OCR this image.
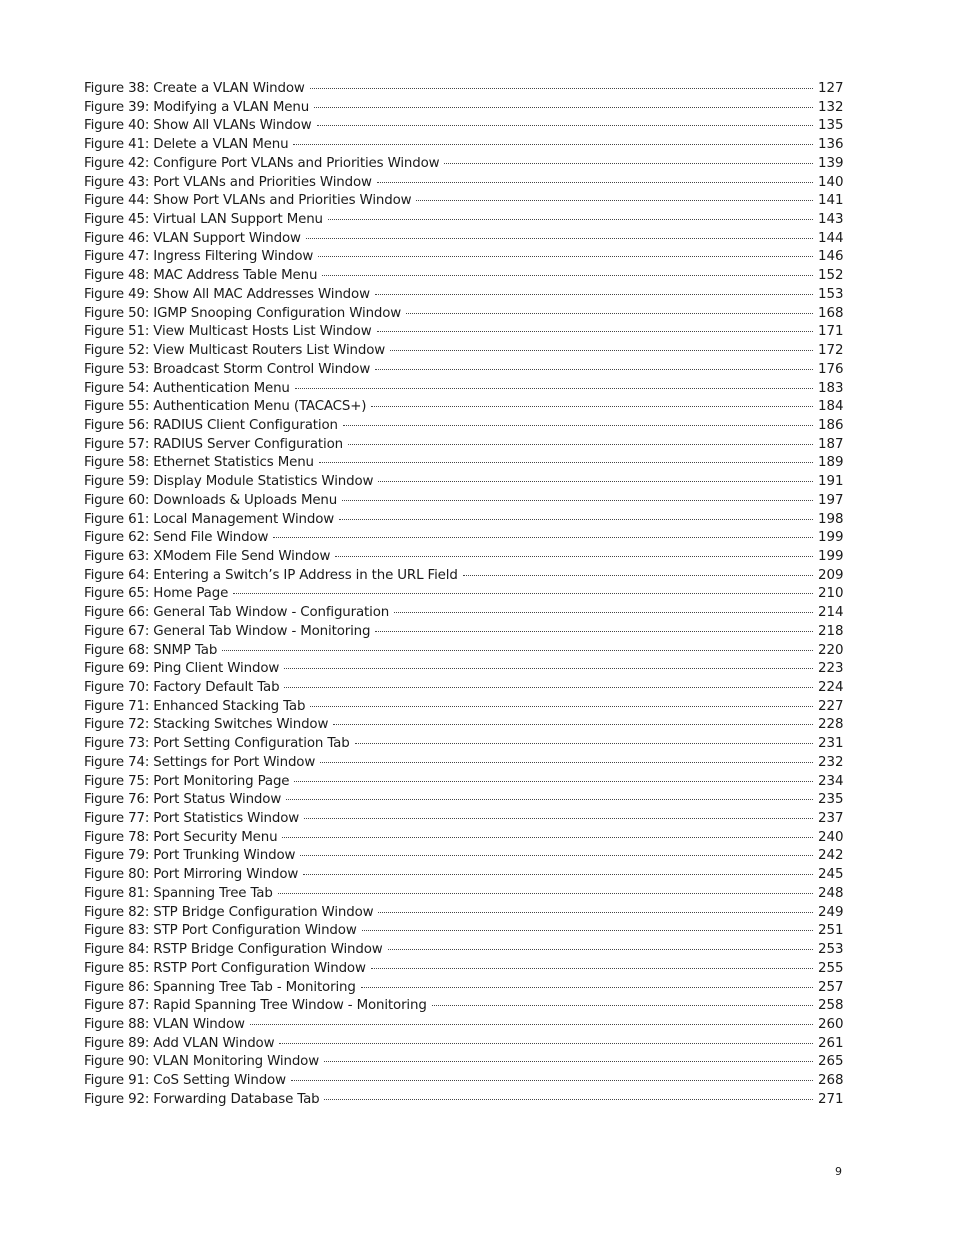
Figure 38: Create a VLAN Window	127
Figure 39: Modifying a VLAN Menu	132
Figure 40: Show All VLANs Window	135
Figure 41: Delete a VLAN Menu	136
Figure 42: Configure Port VLANs and Priorities Window	139
Figure 43: Port VLANs and Priorities Window	140
Figure 44: Show Port VLANs and Priorities Window	141
Figure 45: Virtual LAN Support Menu	143
Figure 46: VLAN Support Window	144
Figure 47: Ingress Filtering Window	146
Figure 48: MAC Address Table Menu	152
Figure 49: Show All MAC Addresses Window	153
Figure 50: IGMP Snooping Configuration Window	168
Figure 51: View Multicast Hosts List Window	171
Figure 52: View Multicast Routers List Window	172
Figure 53: Broadcast Storm Control Window	176
Figure 54: Authentication Menu	183
Figure 55: Authentication Menu (TACACS+)	184
Figure 56: RADIUS Client Configuration	186
Figure 57: RADIUS Server Configuration	187
Figure 58: Ethernet Statistics Menu	189
Figure 59: Display Module Statistics Window	191
Figure 60: Downloads & Uploads Menu	197
Figure 61: Local Management Window	198
Figure 62: Send File Window	199
Figure 63: XModem File Send Window	199
Figure 64: Entering a Switch’s IP Address in the URL Field	209
Figure 65: Home Page	210
Figure 66: General Tab Window - Configuration	214
Figure 67: General Tab Window - Monitoring	218
Figure 68: SNMP Tab	220
Figure 69: Ping Client Window	223
Figure 70: Factory Default Tab	224
Figure 71: Enhanced Stacking Tab	227
Figure 72: Stacking Switches Window	228
Figure 73: Port Setting Configuration Tab	231
Figure 74: Settings for Port Window	232
Figure 75: Port Monitoring Page	234
Figure 76: Port Status Window	235
Figure 77: Port Statistics Window	237
Figure 78: Port Security Menu	240
Figure 79: Port Trunking Window	242
Figure 80: Port Mirroring Window	245
Figure 81: Spanning Tree Tab	248
Figure 82: STP Bridge Configuration Window	249
Figure 83: STP Port Configuration Window	251
Figure 84: RSTP Bridge Configuration Window	253
Figure 85: RSTP Port Configuration Window	255
Figure 86: Spanning Tree Tab - Monitoring	257
Figure 87: Rapid Spanning Tree Window - Monitoring	258
Figure 88: VLAN Window	260
Figure 89: Add VLAN Window	261
Figure 90: VLAN Monitoring Window	265
Figure 91: CoS Setting Window	268
Figure 92: Forwarding Database Tab	271
9
